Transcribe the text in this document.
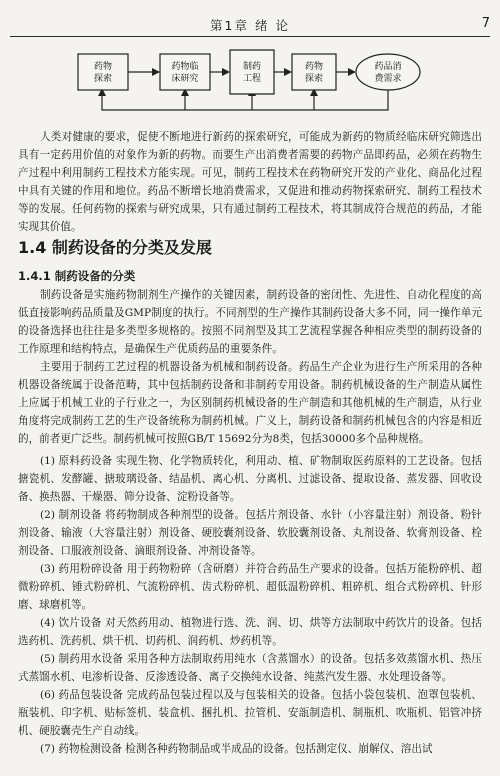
第1章 绪 论	7
药物
探索
药物临
床研究
制药
工程
药物
探索
药品消
费需求

人类对健康的要求，促使不断地进行新药的探索研究，可能成为新药的物质经临床研究筛选出具有一定药用价值的对象作为新的药物。而要生产出消费者需要的药物产品即药品，必须在药物生产过程中利用制药工程技术方能实现。可见，制药工程技术在药物研究开发的产业化、商品化过程中具有关键的作用和地位。药品不断增长地消费需求，又促进和推动药物探索研究、制药工程技术等的发展。任何药物的探索与研究成果，只有通过制药工程技术，将其制成符合规范的药品，才能实现其价值。

1.4 制药设备的分类及发展
1.4.1 制药设备的分类

制药设备是实施药物制剂生产操作的关键因素，制药设备的密闭性、先进性、自动化程度的高低直接影响药品质量及GMP制度的执行。不同剂型的生产操作其制药设备大多不同，同一操作单元的设备选择也往往是多类型多规格的。按照不同剂型及其工艺流程掌握各种相应类型的制药设备的工作原理和结构特点，是确保生产优质药品的重要条件。

主要用于制药工艺过程的机器设备为机械和制药设备。药品生产企业为进行生产所采用的各种机器设备统属于设备范畴，其中包括制药设备和非制药专用设备。制药机械设备的生产制造从属性上应属于机械工业的子行业之一，为区别制药机械设备的生产制造和其他机械的生产制造，从行业角度将完成制药工艺的生产设备统称为制药机械。广义上，制药设备和制药机械包含的内容是相近的，前者更广泛些。制药机械可按照GB/T 15692分为8类，包括30000多个品种规格。

(1) 原料药设备 实现生物、化学物质转化，利用动、植、矿物制取医药原料的工艺设备。包括搪瓷机、发酵罐、搪玻璃设备、结晶机、离心机、分离机、过滤设备、提取设备、蒸发器、回收设备、换热器、干燥器、筛分设备、淀粉设备等。

(2) 制剂设备 将药物制成各种剂型的设备。包括片剂设备、水针（小容量注射）剂设备、粉针剂设备、输液（大容量注射）剂设备、硬胶囊剂设备、软胶囊剂设备、丸剂设备、软膏剂设备、栓剂设备、口服液剂设备、滴眼剂设备、冲剂设备等。

(3) 药用粉碎设备 用于药物粉碎（含研磨）并符合药品生产要求的设备。包括万能粉碎机、超微粉碎机、锤式粉碎机、气流粉碎机、齿式粉碎机、超低温粉碎机、粗碎机、组合式粉碎机、针形磨、球磨机等。

(4) 饮片设备 对天然药用动、植物进行选、洗、润、切、烘等方法制取中药饮片的设备。包括选药机、洗药机、烘干机、切药机、润药机、炒药机等。

(5) 制药用水设备 采用各种方法制取药用纯水（含蒸馏水）的设备。包括多效蒸馏水机、热压式蒸馏水机、电渗析设备、反渗透设备、离子交换纯水设备、纯蒸汽发生器、水处理设备等。

(6) 药品包装设备 完成药品包装过程以及与包装相关的设备。包括小袋包装机、泡罩包装机、瓶装机、印字机、贴标签机、装盒机、捆扎机、拉管机、安瓿制造机、制瓶机、吹瓶机、铝管冲挤机、硬胶囊壳生产自动线。

(7) 药物检测设备 检测各种药物制品或半成品的设备。包括测定仪、崩解仪、溶出试
